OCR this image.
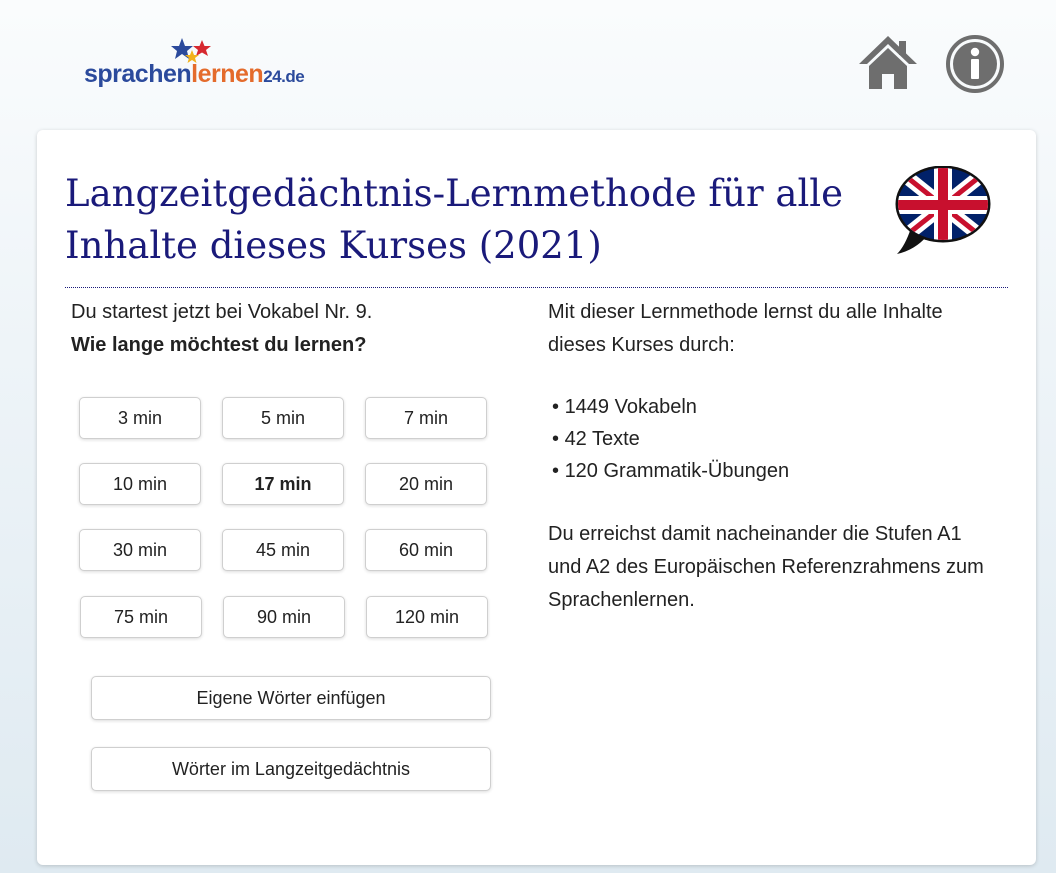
sprachenlernen24.de
Langzeitgedächtnis-Lernmethode für alle
Inhalte dieses Kurses (2021)
Du startest jetzt bei Vokabel Nr. 9.
Wie lange möchtest du lernen?
3 min	5 min	7 min
10 min	17 min	20 min
30 min	45 min	60 min
75 min	90 min	120 min
Eigene Wörter einfügen
Wörter im Langzeitgedächtnis

Mit dieser Lernmethode lernst du alle Inhalte dieses Kurses durch:

• 1449 Vokabeln
• 42 Texte
• 120 Grammatik-Übungen

Du erreichst damit nacheinander die Stufen A1 und A2 des Europäischen Referenzrahmens zum Sprachenlernen.
